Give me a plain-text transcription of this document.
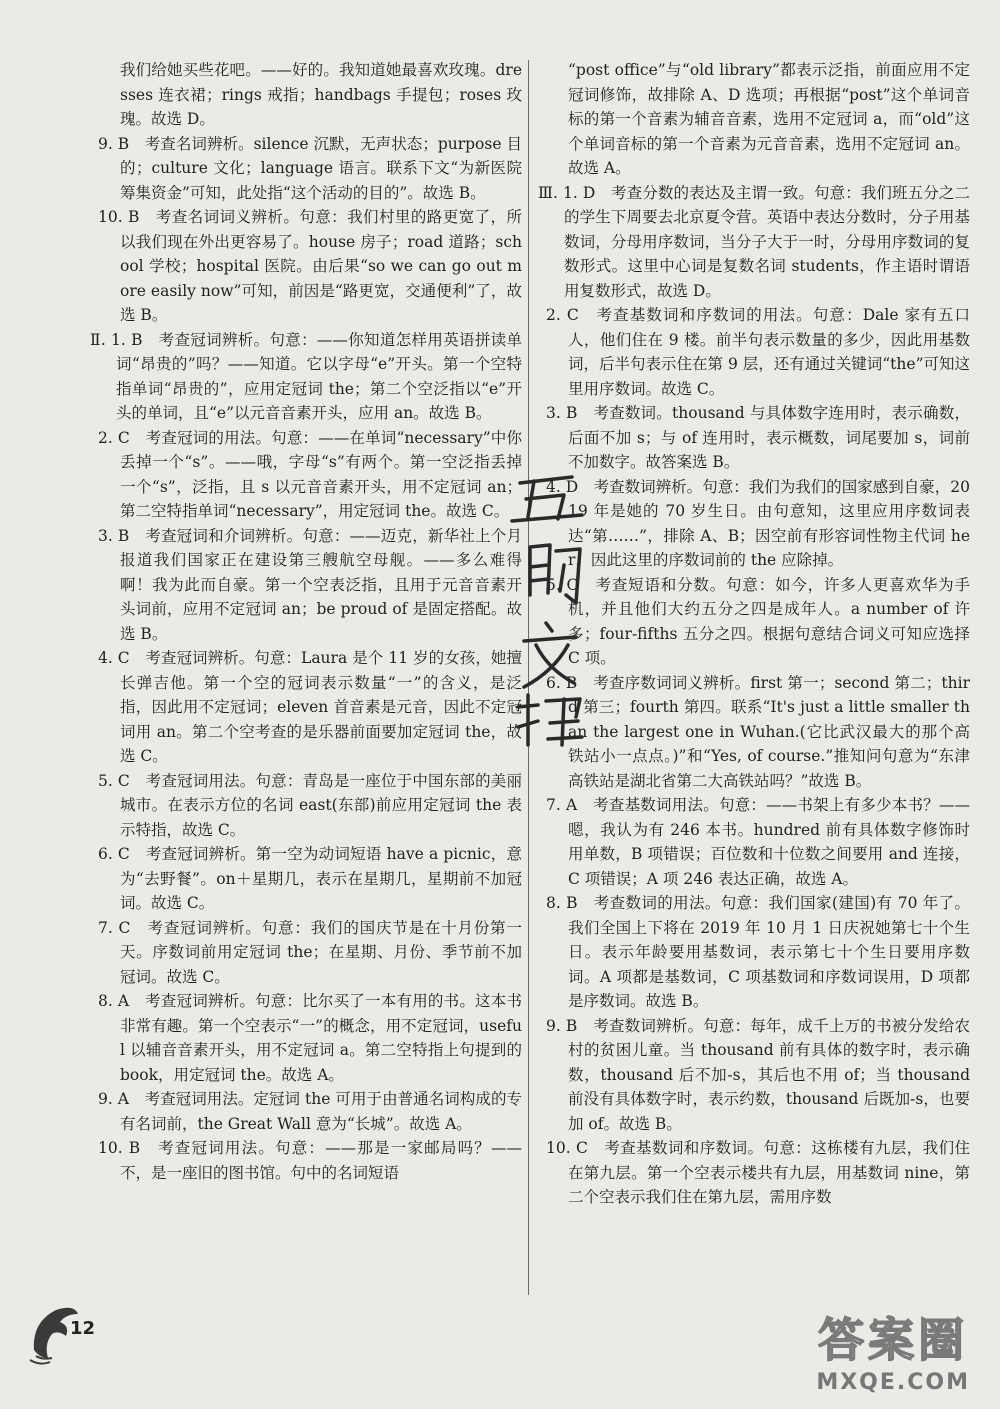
我们给她买些花吧。——好的。我知道她最喜欢玫瑰。dresses 连衣裙；rings 戒指；handbags 手提包；roses 玫瑰。故选 D。

9. B　考查名词辨析。silence 沉默，无声状态；purpose 目的；culture 文化；language 语言。联系下文“为新医院筹集资金”可知，此处指“这个活动的目的”。故选 B。

10. B　考查名词词义辨析。句意：我们村里的路更宽了，所以我们现在外出更容易了。house 房子；road 道路；school 学校；hospital 医院。由后果“so we can go out more easily now”可知，前因是“路更宽，交通便利”了，故选 B。

Ⅱ. 1. B　考查冠词辨析。句意：——你知道怎样用英语拼读单词“昂贵的”吗？——知道。它以字母“e”开头。第一个空特指单词“昂贵的”，应用定冠词 the；第二个空泛指以“e”开头的单词，且“e”以元音音素开头，应用 an。故选 B。

2. C　考查冠词的用法。句意：——在单词“necessary”中你丢掉一个“s”。——哦，字母“s”有两个。第一空泛指丢掉一个“s”，泛指，且 s 以元音音素开头，用不定冠词 an；第二空特指单词“necessary”，用定冠词 the。故选 C。

3. B　考查冠词和介词辨析。句意：——迈克，新华社上个月报道我们国家正在建设第三艘航空母舰。——多么难得啊！我为此而自豪。第一个空表泛指，且用于元音音素开头词前，应用不定冠词 an；be proud of 是固定搭配。故选 B。

4. C　考查冠词辨析。句意：Laura 是个 11 岁的女孩，她擅长弹吉他。第一个空的冠词表示数量“一”的含义，是泛指，因此用不定冠词；eleven 首音素是元音，因此不定冠词用 an。第二个空考查的是乐器前面要加定冠词 the，故选 C。

5. C　考查冠词用法。句意：青岛是一座位于中国东部的美丽城市。在表示方位的名词 east(东部)前应用定冠词 the 表示特指，故选 C。

6. C　考查冠词辨析。第一空为动词短语 have a picnic，意为“去野餐”。on＋星期几，表示在星期几，星期前不加冠词。故选 C。

7. C　考查冠词辨析。句意：我们的国庆节是在十月份第一天。序数词前用定冠词 the；在星期、月份、季节前不加冠词。故选 C。

8. A　考查冠词辨析。句意：比尔买了一本有用的书。这本书非常有趣。第一个空表示“一”的概念，用不定冠词，useful 以辅音音素开头，用不定冠词 a。第二空特指上句提到的 book，用定冠词 the。故选 A。

9. A　考查冠词用法。定冠词 the 可用于由普通名词构成的专有名词前，the Great Wall 意为“长城”。故选 A。

10. B　考查冠词用法。句意：——那是一家邮局吗？——不，是一座旧的图书馆。句中的名词短语

“post office”与“old library”都表示泛指，前面应用不定冠词修饰，故排除 A、D 选项；再根据“post”这个单词音标的第一个音素为辅音音素，选用不定冠词 a，而“old”这个单词音标的第一个音素为元音音素，选用不定冠词 an。故选 A。

Ⅲ. 1. D　考查分数的表达及主谓一致。句意：我们班五分之二的学生下周要去北京夏令营。英语中表达分数时，分子用基数词，分母用序数词，当分子大于一时，分母用序数词的复数形式。这里中心词是复数名词 students，作主语时谓语用复数形式，故选 D。

2. C　考查基数词和序数词的用法。句意：Dale 家有五口人，他们住在 9 楼。前半句表示数量的多少，因此用基数词，后半句表示住在第 9 层，还有通过关键词“the”可知这里用序数词。故选 C。

3. B　考查数词。thousand 与具体数字连用时，表示确数，后面不加 s；与 of 连用时，表示概数，词尾要加 s，词前不加数字。故答案选 B。

4. D　考查数词辨析。句意：我们为我们的国家感到自豪，2019 年是她的 70 岁生日。由句意知，这里应用序数词表达“第……”，排除 A、B；因空前有形容词性物主代词 her，因此这里的序数词前的 the 应除掉。

5. C　考查短语和分数。句意：如今，许多人更喜欢华为手机，并且他们大约五分之四是成年人。a number of 许多；four-fifths 五分之四。根据句意结合词义可知应选择 C 项。

6. B　考查序数词词义辨析。first 第一；second 第二；third 第三；fourth 第四。联系“It's just a little smaller than the largest one in Wuhan.(它比武汉最大的那个高铁站小一点点。)”和“Yes, of course.”推知问句意为“东津高铁站是湖北省第二大高铁站吗？”故选 B。

7. A　考查基数词用法。句意：——书架上有多少本书？——嗯，我认为有 246 本书。hundred 前有具体数字修饰时用单数，B 项错误；百位数和十位数之间要用 and 连接，C 项错误；A 项 246 表达正确，故选 A。

8. B　考查数词的用法。句意：我们国家(建国)有 70 年了。我们全国上下将在 2019 年 10 月 1 日庆祝她第七十个生日。表示年龄要用基数词，表示第七十个生日要用序数词。A 项都是基数词，C 项基数词和序数词误用，D 项都是序数词。故选 B。

9. B　考查数词辨析。句意：每年，成千上万的书被分发给农村的贫困儿童。当 thousand 前有具体的数字时，表示确数，thousand 后不加-s，其后也不用 of；当 thousand 前没有具体数字时，表示约数，thousand 后既加-s，也要加 of。故选 B。

10. C　考查基数词和序数词。句意：这栋楼有九层，我们住在第九层。第一个空表示楼共有九层，用基数词 nine，第二个空表示我们住在第九层，需用序数

12	答案圈
MXQE.COM
